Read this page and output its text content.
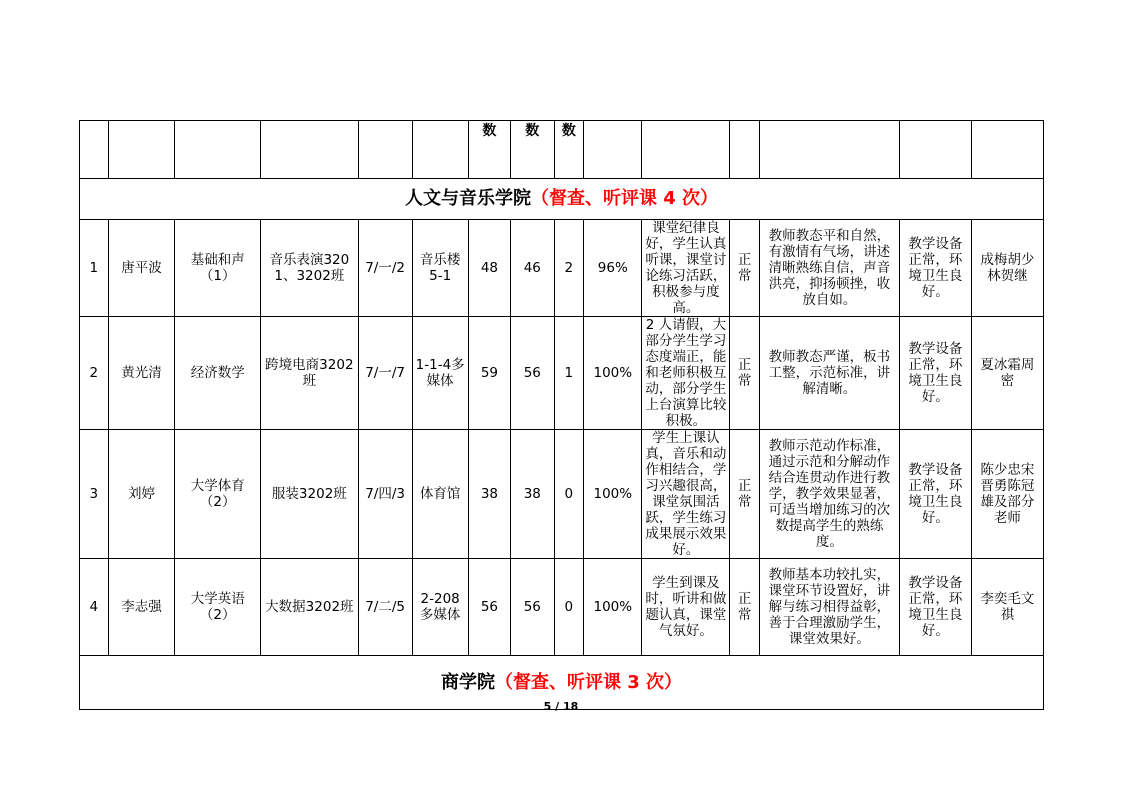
						数	数	数						
人文与音乐学院（督查、听评课 4 次）														
1	唐平波	基础和声（1）	音乐表演3201、3202班	7/一/2	音乐楼 5-1	48	46	2	96%	课堂纪律良好，学生认真听课，课堂讨论练习活跃，积极参与度高。	正常	教师教态平和自然，有激情有气场，讲述清晰熟练自信，声音洪亮，抑扬顿挫，收放自如。	教学设备正常，环境卫生良好。	成梅胡少林贺继
2	黄光清	经济数学	跨境电商3202班	7/一/7	1-1-4多媒体	59	56	1	100%	2 人请假，大部分学生学习态度端正，能和老师积极互动，部分学生上台演算比较积极。	正常	教师教态严谨，板书工整，示范标准，讲解清晰。	教学设备正常，环境卫生良好。	夏冰霜周密
3	刘婷	大学体育（2）	服装3202班	7/四/3	体育馆	38	38	0	100%	学生上课认真，音乐和动作相结合，学习兴趣很高，课堂氛围活跃，学生练习成果展示效果好。	正常	教师示范动作标准，通过示范和分解动作结合连贯动作进行教学，教学效果显著，可适当增加练习的次数提高学生的熟练度。	教学设备正常，环境卫生良好。	陈少忠宋晋勇陈冠雄及部分老师
4	李志强	大学英语（2）	大数据3202班	7/二/5	2-208多媒体	56	56	0	100%	学生到课及时，听讲和做题认真，课堂气氛好。	正常	教师基本功较扎实，课堂环节设置好，讲解与练习相得益彰，善于合理激励学生，课堂效果好。	教学设备正常，环境卫生良好。	李奕毛文祺
商学院（督查、听评课 3 次）														
5 / 18
